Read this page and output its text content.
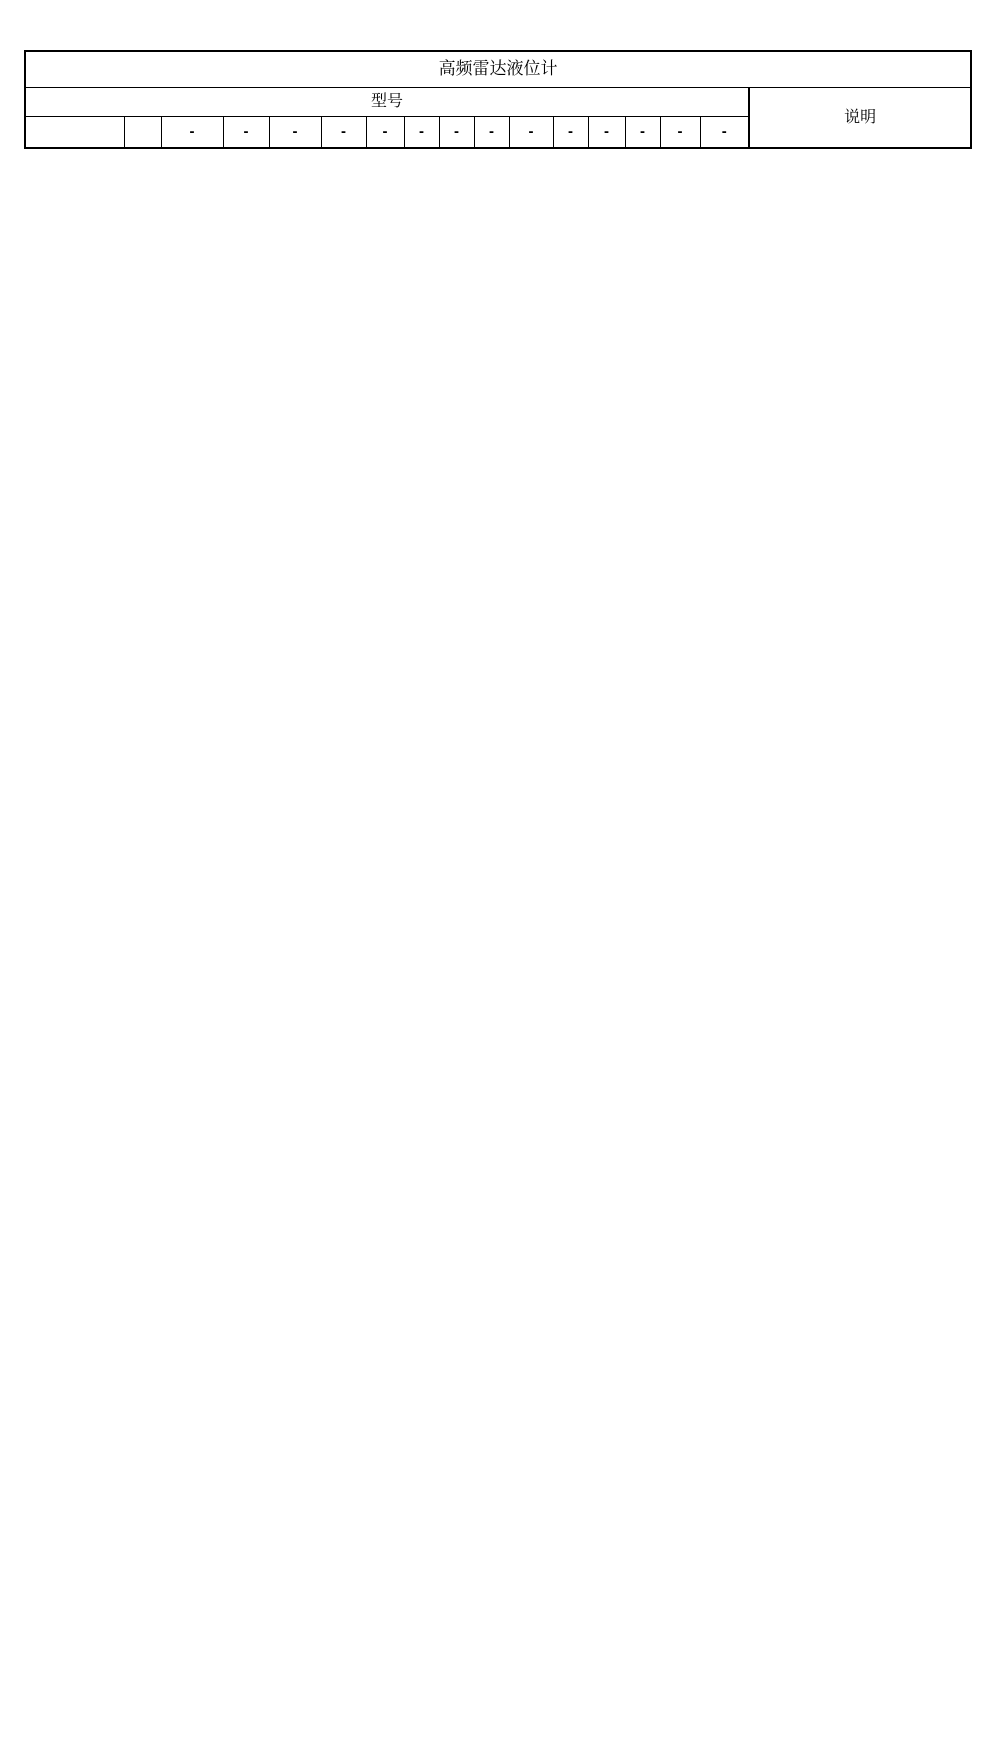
高频雷达液位计																
型号																说明
		-	-	-	-	-	-	-	-	-	-	-	-	-	-	
